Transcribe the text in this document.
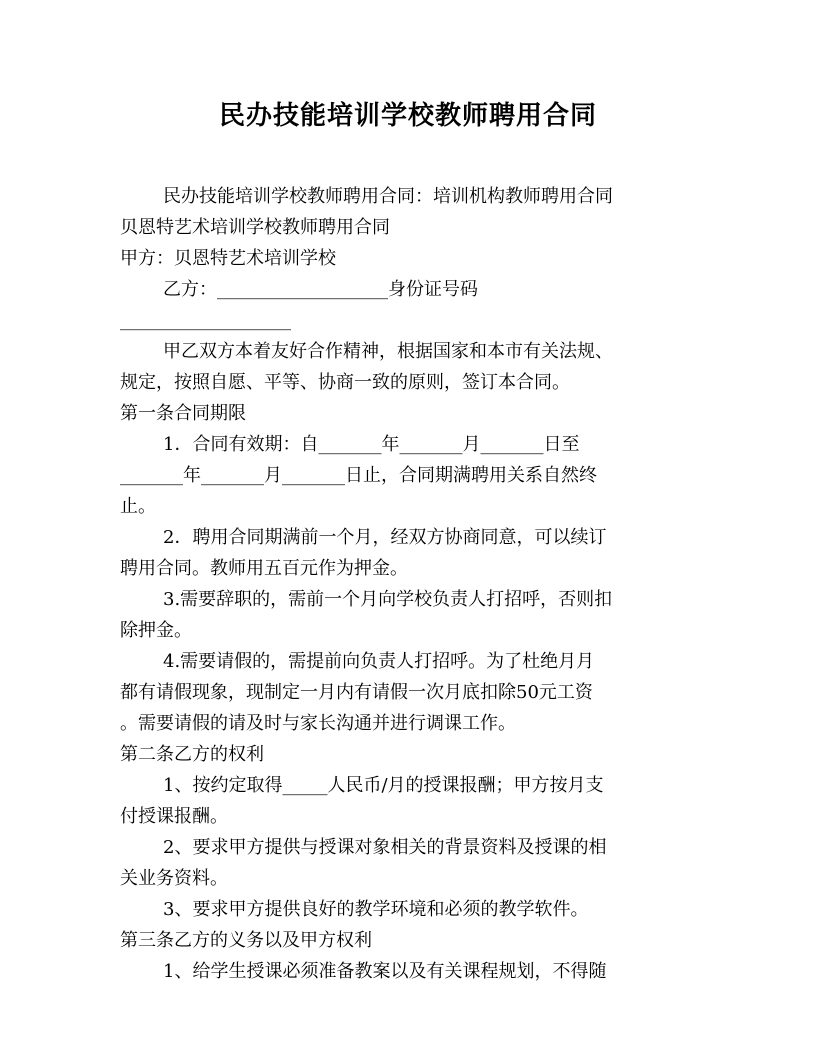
民办技能培训学校教师聘用合同
民办技能培训学校教师聘用合同：培训机构教师聘用合同
贝恩特艺术培训学校教师聘用合同
甲方：贝恩特艺术培训学校
乙方：___________________身份证号码
___________________
甲乙双方本着友好合作精神，根据国家和本市有关法规、
规定，按照自愿、平等、协商一致的原则，签订本合同。
第一条合同期限
1．合同有效期：自_______年_______月_______日至
_______年_______月_______日止，合同期满聘用关系自然终
止。
2．聘用合同期满前一个月，经双方协商同意，可以续订
聘用合同。教师用五百元作为押金。
3.需要辞职的，需前一个月向学校负责人打招呼，否则扣
除押金。
4.需要请假的，需提前向负责人打招呼。为了杜绝月月
都有请假现象，现制定一月内有请假一次月底扣除50元工资
。需要请假的请及时与家长沟通并进行调课工作。
第二条乙方的权利
1、按约定取得_____人民币/月的授课报酬；甲方按月支
付授课报酬。
2、要求甲方提供与授课对象相关的背景资料及授课的相
关业务资料。
3、要求甲方提供良好的教学环境和必须的教学软件。
第三条乙方的义务以及甲方权利
1、给学生授课必须准备教案以及有关课程规划，不得随
